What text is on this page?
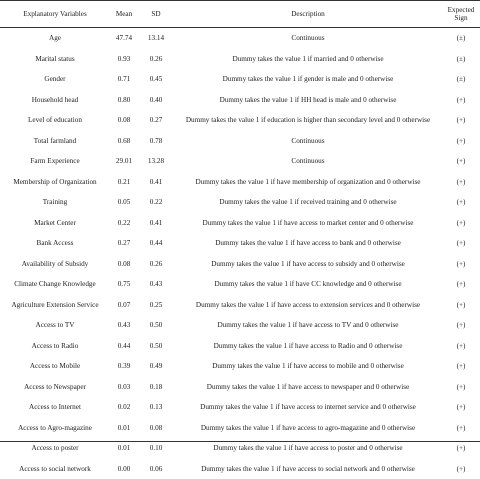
Explanatory Variables	Mean	SD	Description	Expected
Sign
Age	47.74	13.14	Continuous	(±)
Marital status	0.93	0.26	Dummy takes the value 1 if married and 0 otherwise	(±)
Gender	0.71	0.45	Dummy takes the value 1 if gender is male and 0 otherwise	(±)
Household head	0.80	0.40	Dummy takes the value 1 if HH head is male and 0 otherwise	(+)
Level of education	0.08	0.27	Dummy takes the value 1 if education is higher than secondary level and 0 otherwise	(+)
Total farmland	0.68	0.78	Continuous	(+)
Farm Experience	29.01	13.28	Continuous	(+)
Membership of Organization	0.21	0.41	Dummy takes the value 1 if have membership of organization and 0 otherwise	(+)
Training	0.05	0.22	Dummy takes the value 1 if received training and 0 otherwise	(+)
Market Center	0.22	0.41	Dummy takes the value 1 if have access to market center and 0 otherwise	(+)
Bank Access	0.27	0.44	Dummy takes the value 1 if have access to bank and 0 otherwise	(+)
Availability of Subsidy	0.08	0.26	Dummy takes the value 1 if have access to subsidy and 0 otherwise	(+)
Climate Change Knowledge	0.75	0.43	Dummy takes the value 1 if have CC knowledge and 0 otherwise	(+)
Agriculture Extension Service	0.07	0.25	Dummy takes the value 1 if have access to extension services and 0 otherwise	(+)
Access to TV	0.43	0.50	Dummy takes the value 1 if have access to TV and 0 otherwise	(+)
Access to Radio	0.44	0.50	Dummy takes the value 1 if have access to Radio and 0 otherwise	(+)
Access to Mobile	0.39	0.49	Dummy takes the value 1 if have access to mobile and 0 otherwise	(+)
Access to Newspaper	0.03	0.18	Dummy takes the value 1 if have access to newspaper and 0 otherwise	(+)
Access to Internet	0.02	0.13	Dummy takes the value 1 if have access to internet service and 0 otherwise	(+)
Access to Agro-magazine	0.01	0.08	Dummy takes the value 1 if have access to agro-magazine and 0 otherwise	(+)
Access to poster	0.01	0.10	Dummy takes the value 1 if have access to poster and 0 otherwise	(+)
Access to social network	0.00	0.06	Dummy takes the value 1 if have access to social network and 0 otherwise	(+)
